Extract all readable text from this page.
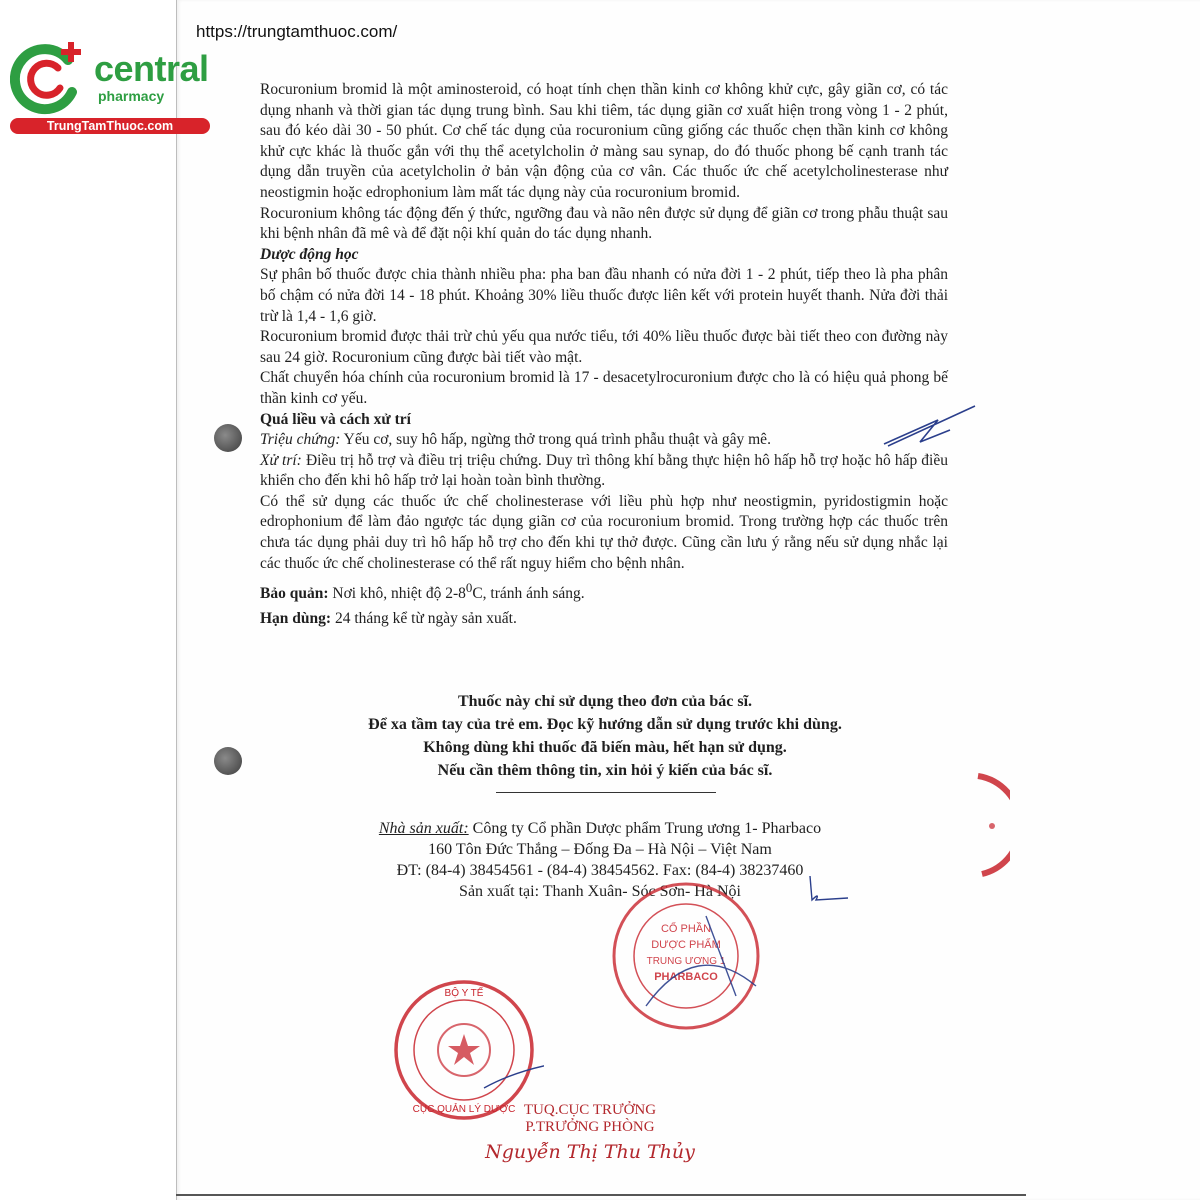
https://trungtamthuoc.com/
central
pharmacy
TrungTamThuoc.com

Rocuronium bromid là một aminosteroid, có hoạt tính chẹn thần kinh cơ không khử cực, gây giãn cơ, có tác dụng nhanh và thời gian tác dụng trung bình. Sau khi tiêm, tác dụng giãn cơ xuất hiện trong vòng 1 - 2 phút, sau đó kéo dài 30 - 50 phút. Cơ chế tác dụng của rocuronium cũng giống các thuốc chẹn thần kinh cơ không khử cực khác là thuốc gắn với thụ thể acetylcholin ở màng sau synap, do đó thuốc phong bế cạnh tranh tác dụng dẫn truyền của acetylcholin ở bản vận động của cơ vân. Các thuốc ức chế acetylcholinesterase như neostigmin hoặc edrophonium làm mất tác dụng này của rocuronium bromid.

Rocuronium không tác động đến ý thức, ngưỡng đau và não nên được sử dụng để giãn cơ trong phẫu thuật sau khi bệnh nhân đã mê và để đặt nội khí quản do tác dụng nhanh.

Dược động học

Sự phân bố thuốc được chia thành nhiều pha: pha ban đầu nhanh có nửa đời 1 - 2 phút, tiếp theo là pha phân bố chậm có nửa đời 14 - 18 phút. Khoảng 30% liều thuốc được liên kết với protein huyết thanh. Nửa đời thải trừ là 1,4 - 1,6 giờ.

Rocuronium bromid được thải trừ chủ yếu qua nước tiểu, tới 40% liều thuốc được bài tiết theo con đường này sau 24 giờ. Rocuronium cũng được bài tiết vào mật.

Chất chuyển hóa chính của rocuronium bromid là 17 - desacetylrocuronium được cho là có hiệu quả phong bế thần kinh cơ yếu.

Quá liều và cách xử trí

Triệu chứng: Yếu cơ, suy hô hấp, ngừng thở trong quá trình phẫu thuật và gây mê.

Xử trí: Điều trị hỗ trợ và điều trị triệu chứng. Duy trì thông khí bằng thực hiện hô hấp hỗ trợ hoặc hô hấp điều khiển cho đến khi hô hấp trở lại hoàn toàn bình thường.

Có thể sử dụng các thuốc ức chế cholinesterase với liều phù hợp như neostigmin, pyridostigmin hoặc edrophonium để làm đảo ngược tác dụng giãn cơ của rocuronium bromid. Trong trường hợp các thuốc trên chưa tác dụng phải duy trì hô hấp hỗ trợ cho đến khi tự thở được. Cũng cần lưu ý rằng nếu sử dụng nhắc lại các thuốc ức chế cholinesterase có thể rất nguy hiểm cho bệnh nhân.

Bảo quản: Nơi khô, nhiệt độ $2-8^0C$, tránh ánh sáng.

Hạn dùng: 24 tháng kể từ ngày sản xuất.

Thuốc này chỉ sử dụng theo đơn của bác sĩ.

Để xa tầm tay của trẻ em. Đọc kỹ hướng dẫn sử dụng trước khi dùng.

Không dùng khi thuốc đã biến màu, hết hạn sử dụng.

Nếu cần thêm thông tin, xin hỏi ý kiến của bác sĩ.

Nhà sản xuất: Công ty Cổ phần Dược phẩm Trung ương 1- Pharbaco

160 Tôn Đức Thắng – Đống Đa – Hà Nội – Việt Nam

ĐT: (84-4) 38454561 - (84-4) 38454562. Fax: (84-4) 38237460

Sản xuất tại: Thanh Xuân- Sóc Sơn- Hà Nội

CỔ PHẦN
DƯỢC PHẨM
TRUNG ƯƠNG 1
PHARBACO
BỘ Y TẾ
CỤC QUẢN LÝ DƯỢC TUQ.CỤC TRƯỞNG

P.TRƯỞNG PHÒNG

Nguyễn Thị Thu Thủy
